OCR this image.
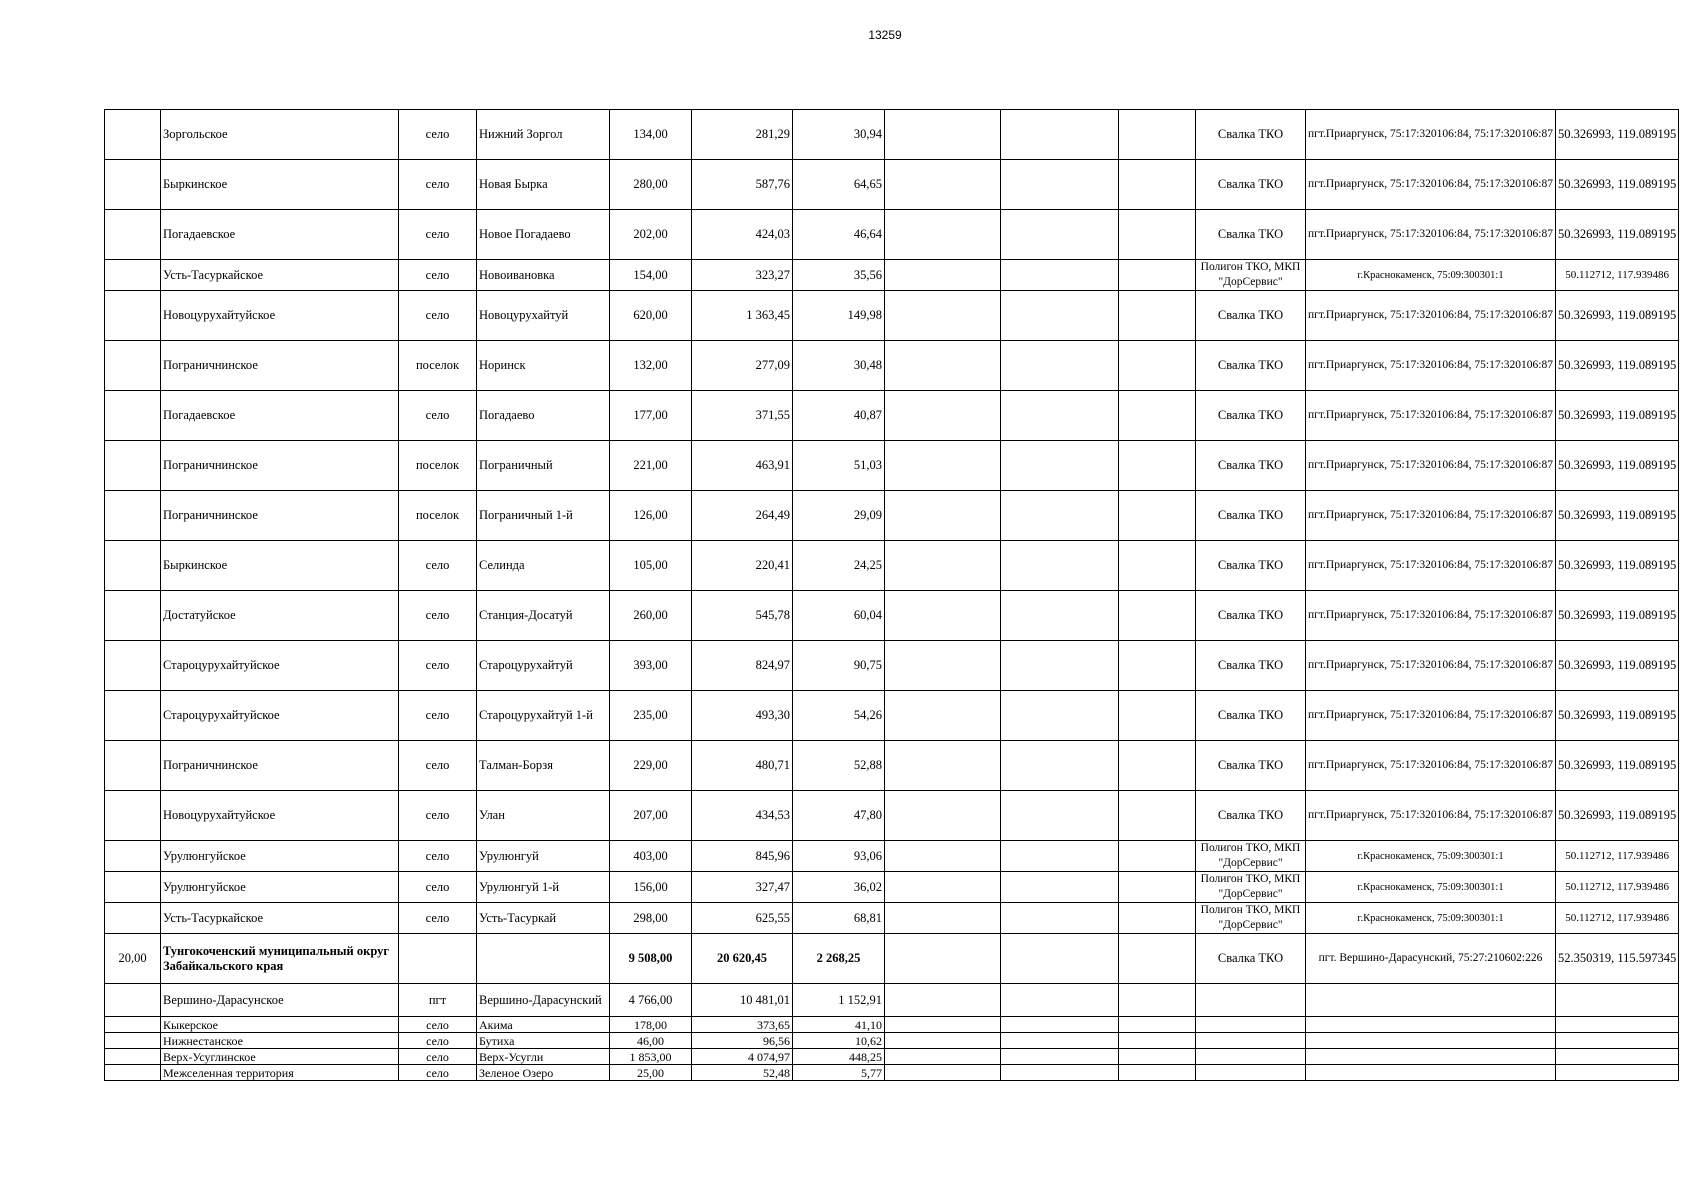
13259
	Зоргольское	село	Нижний Зоргол	134,00	281,29	30,94				Свалка ТКО	пгт.Приаргунск, 75:17:320106:84, 75:17:320106:87	50.326993, 119.089195
	Быркинское	село	Новая Бырка	280,00	587,76	64,65				Свалка ТКО	пгт.Приаргунск, 75:17:320106:84, 75:17:320106:87	50.326993, 119.089195
	Погадаевское	село	Новое Погадаево	202,00	424,03	46,64				Свалка ТКО	пгт.Приаргунск, 75:17:320106:84, 75:17:320106:87	50.326993, 119.089195
	Усть-Тасуркайское	село	Новоивановка	154,00	323,27	35,56				Полигон ТКО, МКП "ДорСервис"	г.Краснокаменск, 75:09:300301:1	50.112712, 117.939486
	Новоцурухайтуйское	село	Новоцурухайтуй	620,00	1 363,45	149,98				Свалка ТКО	пгт.Приаргунск, 75:17:320106:84, 75:17:320106:87	50.326993, 119.089195
	Пограничнинское	поселок	Норинск	132,00	277,09	30,48				Свалка ТКО	пгт.Приаргунск, 75:17:320106:84, 75:17:320106:87	50.326993, 119.089195
	Погадаевское	село	Погадаево	177,00	371,55	40,87				Свалка ТКО	пгт.Приаргунск, 75:17:320106:84, 75:17:320106:87	50.326993, 119.089195
	Пограничнинское	поселок	Пограничный	221,00	463,91	51,03				Свалка ТКО	пгт.Приаргунск, 75:17:320106:84, 75:17:320106:87	50.326993, 119.089195
	Пограничнинское	поселок	Пограничный 1-й	126,00	264,49	29,09				Свалка ТКО	пгт.Приаргунск, 75:17:320106:84, 75:17:320106:87	50.326993, 119.089195
	Быркинское	село	Селинда	105,00	220,41	24,25				Свалка ТКО	пгт.Приаргунск, 75:17:320106:84, 75:17:320106:87	50.326993, 119.089195
	Достатуйское	село	Станция-Досатуй	260,00	545,78	60,04				Свалка ТКО	пгт.Приаргунск, 75:17:320106:84, 75:17:320106:87	50.326993, 119.089195
	Староцурухайтуйское	село	Староцурухайтуй	393,00	824,97	90,75				Свалка ТКО	пгт.Приаргунск, 75:17:320106:84, 75:17:320106:87	50.326993, 119.089195
	Староцурухайтуйское	село	Староцурухайтуй 1-й	235,00	493,30	54,26				Свалка ТКО	пгт.Приаргунск, 75:17:320106:84, 75:17:320106:87	50.326993, 119.089195
	Пограничнинское	село	Талман-Борзя	229,00	480,71	52,88				Свалка ТКО	пгт.Приаргунск, 75:17:320106:84, 75:17:320106:87	50.326993, 119.089195
	Новоцурухайтуйское	село	Улан	207,00	434,53	47,80				Свалка ТКО	пгт.Приаргунск, 75:17:320106:84, 75:17:320106:87	50.326993, 119.089195
	Урулюнгуйское	село	Урулюнгуй	403,00	845,96	93,06				Полигон ТКО, МКП "ДорСервис"	г.Краснокаменск, 75:09:300301:1	50.112712, 117.939486
	Урулюнгуйское	село	Урулюнгуй 1-й	156,00	327,47	36,02				Полигон ТКО, МКП "ДорСервис"	г.Краснокаменск, 75:09:300301:1	50.112712, 117.939486
	Усть-Тасуркайское	село	Усть-Тасуркай	298,00	625,55	68,81				Полигон ТКО, МКП "ДорСервис"	г.Краснокаменск, 75:09:300301:1	50.112712, 117.939486
20,00	Тунгокоченский муниципальный округ Забайкальского края			9 508,00	20 620,45	2 268,25				Свалка ТКО	пгт. Вершино-Дарасунский, 75:27:210602:226	52.350319, 115.597345
	Вершино-Дарасунское	пгт	Вершино-Дарасунский	4 766,00	10 481,01	1 152,91						
	Кыкерское	село	Акима	178,00	373,65	41,10						
	Нижнестанское	село	Бутиха	46,00	96,56	10,62						
	Верх-Усуглинское	село	Верх-Усугли	1 853,00	4 074,97	448,25						
	Межселенная территория	село	Зеленое Озеро	25,00	52,48	5,77						
